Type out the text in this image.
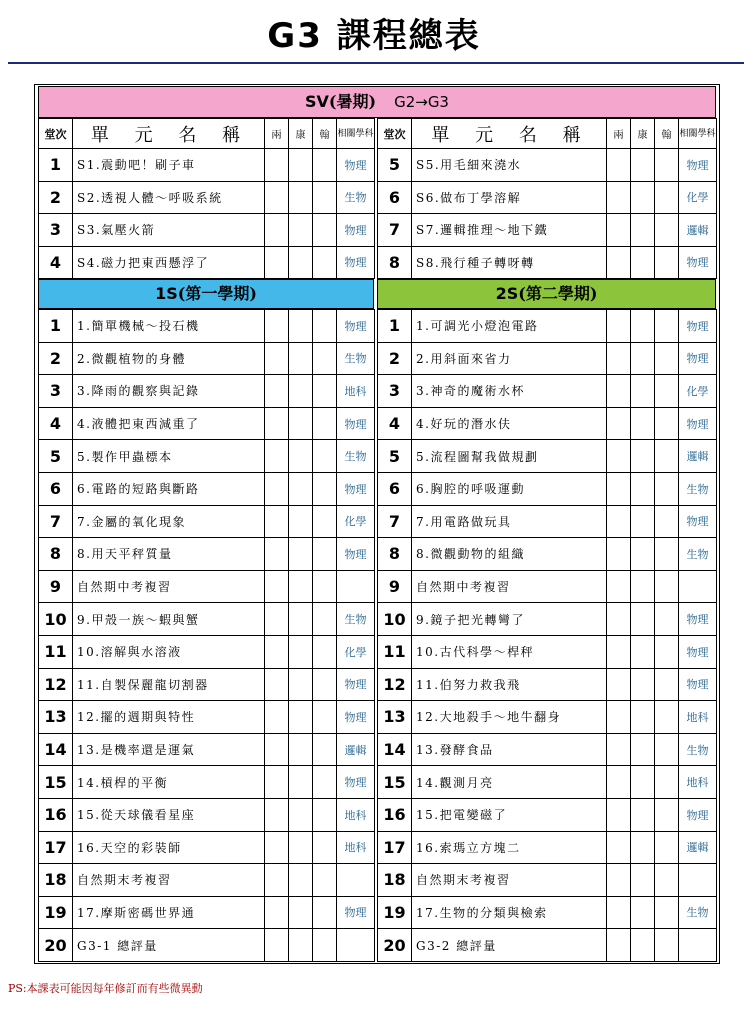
G3 課程總表
SV(暑期) G2→G3
堂次	單 元 名 稱	兩	康	翰	相關學科
1	S1.震動吧！刷子車				物理
2	S2.透視人體～呼吸系統				生物
3	S3.氣壓火箭				物理
4	S4.磁力把東西懸浮了				物理
堂次	單 元 名 稱	兩	康	翰	相關學科
5	S5.用毛細來澆水				物理
6	S6.做布丁學溶解				化學
7	S7.邏輯推理～地下鐵				邏輯
8	S8.飛行種子轉呀轉				物理
1S(第一學期)	2S(第二學期)
1	1.簡單機械～投石機				物理
2	2.微觀植物的身體				生物
3	3.降雨的觀察與記錄				地科
4	4.液體把東西減重了				物理
5	5.製作甲蟲標本				生物
6	6.電路的短路與斷路				物理
7	7.金屬的氧化現象				化學
8	8.用天平秤質量				物理
9	自然期中考複習				
10	9.甲殼一族～蝦與蟹				生物
11	10.溶解與水溶液				化學
12	11.自製保麗龍切割器				物理
13	12.擺的週期與特性				物理
14	13.是機率還是運氣				邏輯
15	14.槓桿的平衡				物理
16	15.從天球儀看星座				地科
17	16.天空的彩裝師				地科
18	自然期末考複習				
19	17.摩斯密碼世界通				物理
20	G3-1 總評量				
1	1.可調光小燈泡電路				物理
2	2.用斜面來省力				物理
3	3.神奇的魔術水杯				化學
4	4.好玩的潛水伕				物理
5	5.流程圖幫我做規劃				邏輯
6	6.胸腔的呼吸運動				生物
7	7.用電路做玩具				物理
8	8.微觀動物的組織				生物
9	自然期中考複習				
10	9.鏡子把光轉彎了				物理
11	10.古代科學～桿秤				物理
12	11.伯努力救我飛				物理
13	12.大地殺手～地牛翻身				地科
14	13.發酵食品				生物
15	14.觀測月亮				地科
16	15.把電變磁了				物理
17	16.索瑪立方塊二				邏輯
18	自然期末考複習				
19	17.生物的分類與檢索				生物
20	G3-2 總評量				
PS:本課表可能因每年修訂而有些微異動
